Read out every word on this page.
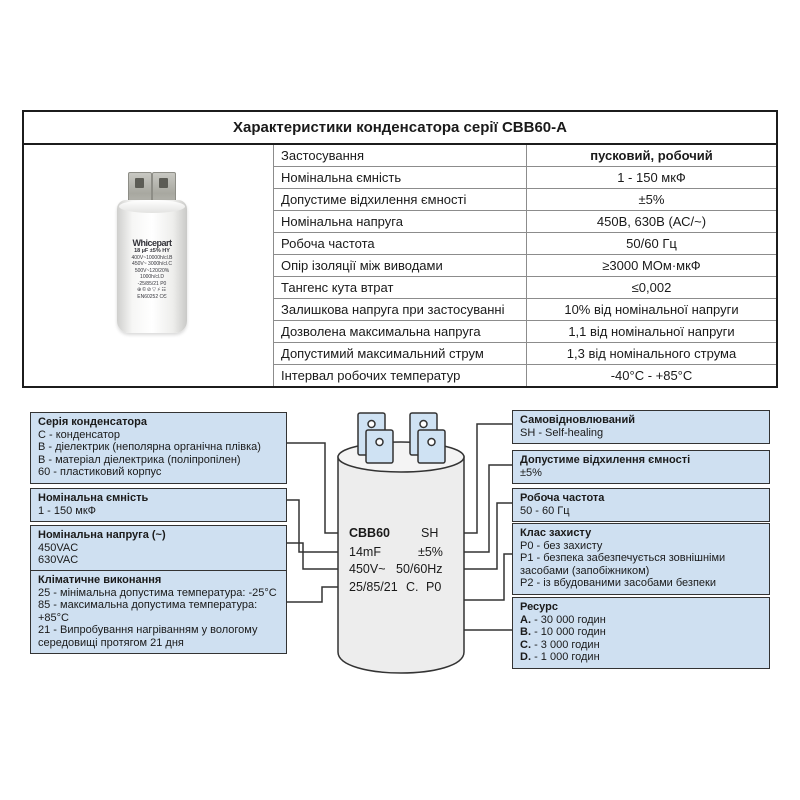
Характеристики конденсатора серії CBB60-A
Whicepart
18 µF ±5% HY
400V~10000h/cl.B
450V~ 3000h/cl.C
500V~120/20%
1000h/cl.D
-25/85/21 P0
⊕©⊘▽⚡☷
EN60252 CЄ
Застосування	пусковий, робочий
Номінальна ємність	1 - 150 мкФ
Допустиме відхилення ємності	±5%
Номінальна напруга	450В, 630В (АС/~)
Робоча частота	50/60 Гц
Опір ізоляції між виводами	≥3000 МОм·мкФ
Тангенс кута втрат	≤0,002
Залишкова напруга при застосуванні	10% від номінальної напруги
Дозволена максимальна напруга	1,1 від номінальної напруги
Допустимий максимальний струм	1,3 від номінального струма
Інтервал робочих температур	-40°С - +85°С
CBB60 SH
14mF	±5%
450V~ 50/60Hz
25/85/21 C. P0
Серія конденсатора
C - конденсатор
B - діелектрик (неполярна органічна плівка)
B - матеріал діелектрика (поліпропілен)
60 - пластиковий корпус
Номінальна ємність
1 - 150 мкФ
Номінальна напруга (~)
450VAC
630VAC
Кліматичне виконання
25 - мінімальна допустима температура: -25°С
85 - максимальна допустима температура: +85°С
21 - Випробування нагріванням у вологому середовищі протягом 21 дня
Самовідновлюваний
SH - Self-healing
Допустиме відхилення ємності
±5%
Робоча частота
50 - 60 Гц
Клас захисту
P0 - без захисту
P1 - безпека забезпечується зовнішніми засобами (запобіжником)
P2 - із вбудованими засобами безпеки
Ресурс
A. - 30 000 годин
B. - 10 000 годин
C. - 3 000 годин
D. - 1 000 годин
